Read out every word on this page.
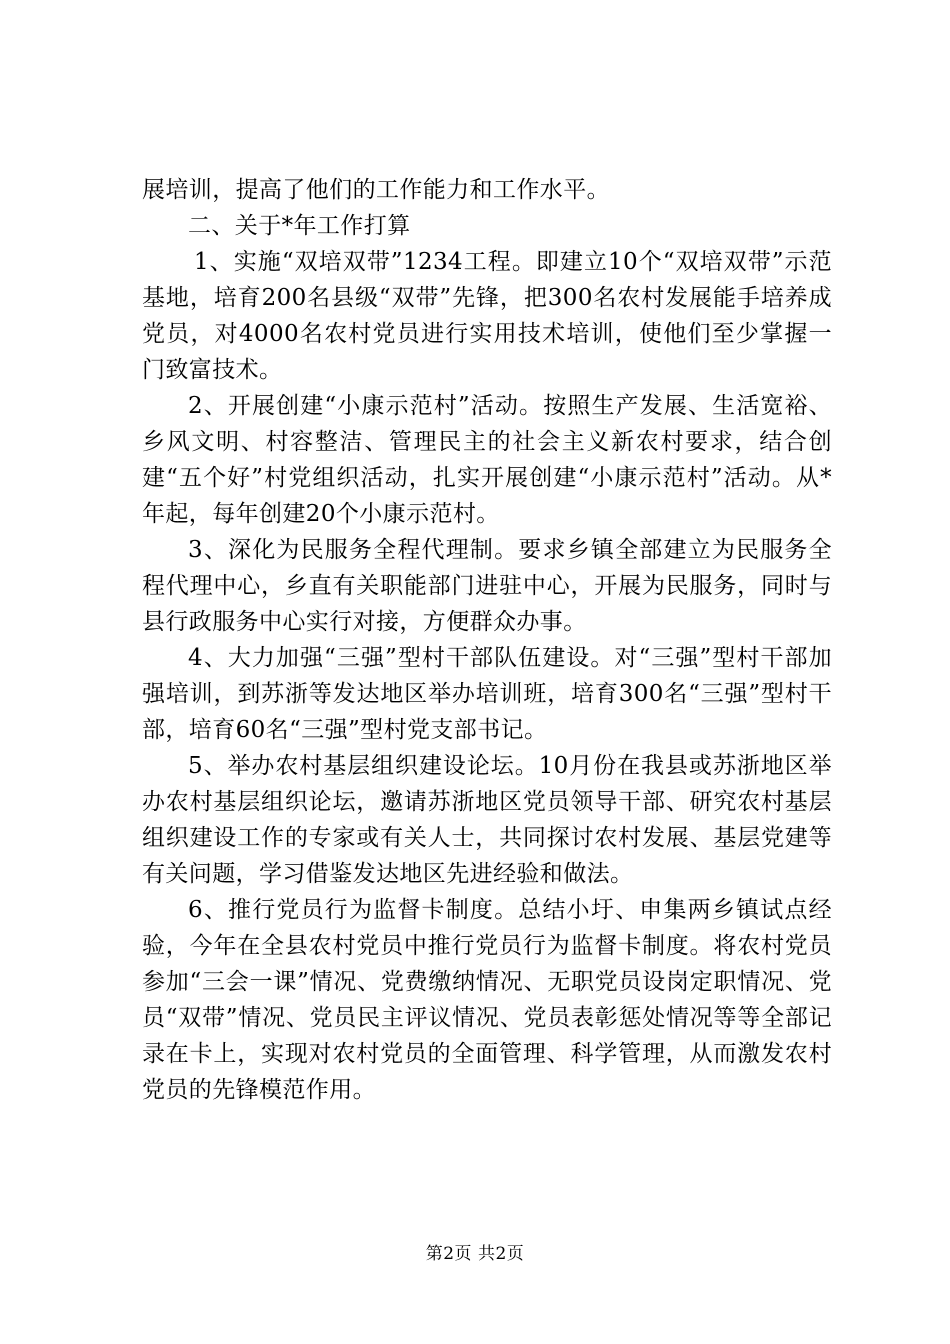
展培训，提高了他们的工作能力和工作水平。

二、关于*年工作打算

1、实施“双培双带”1234工程。即建立10个“双培双带”示范基地，培育200名县级“双带”先锋，把300名农村发展能手培养成党员，对4000名农村党员进行实用技术培训，使他们至少掌握一门致富技术。

2、开展创建“小康示范村”活动。按照生产发展、生活宽裕、乡风文明、村容整洁、管理民主的社会主义新农村要求，结合创建“五个好”村党组织活动，扎实开展创建“小康示范村”活动。从*年起，每年创建20个小康示范村。

3、深化为民服务全程代理制。要求乡镇全部建立为民服务全程代理中心，乡直有关职能部门进驻中心，开展为民服务，同时与县行政服务中心实行对接，方便群众办事。

4、大力加强“三强”型村干部队伍建设。对“三强”型村干部加强培训，到苏浙等发达地区举办培训班，培育300名“三强”型村干部，培育60名“三强”型村党支部书记。

5、举办农村基层组织建设论坛。10月份在我县或苏浙地区举办农村基层组织论坛，邀请苏浙地区党员领导干部、研究农村基层组织建设工作的专家或有关人士，共同探讨农村发展、基层党建等有关问题，学习借鉴发达地区先进经验和做法。

6、推行党员行为监督卡制度。总结小圩、申集两乡镇试点经验，今年在全县农村党员中推行党员行为监督卡制度。将农村党员参加“三会一课”情况、党费缴纳情况、无职党员设岗定职情况、党员“双带”情况、党员民主评议情况、党员表彰惩处情况等等全部记录在卡上，实现对农村党员的全面管理、科学管理，从而激发农村党员的先锋模范作用。

第2页 共2页
